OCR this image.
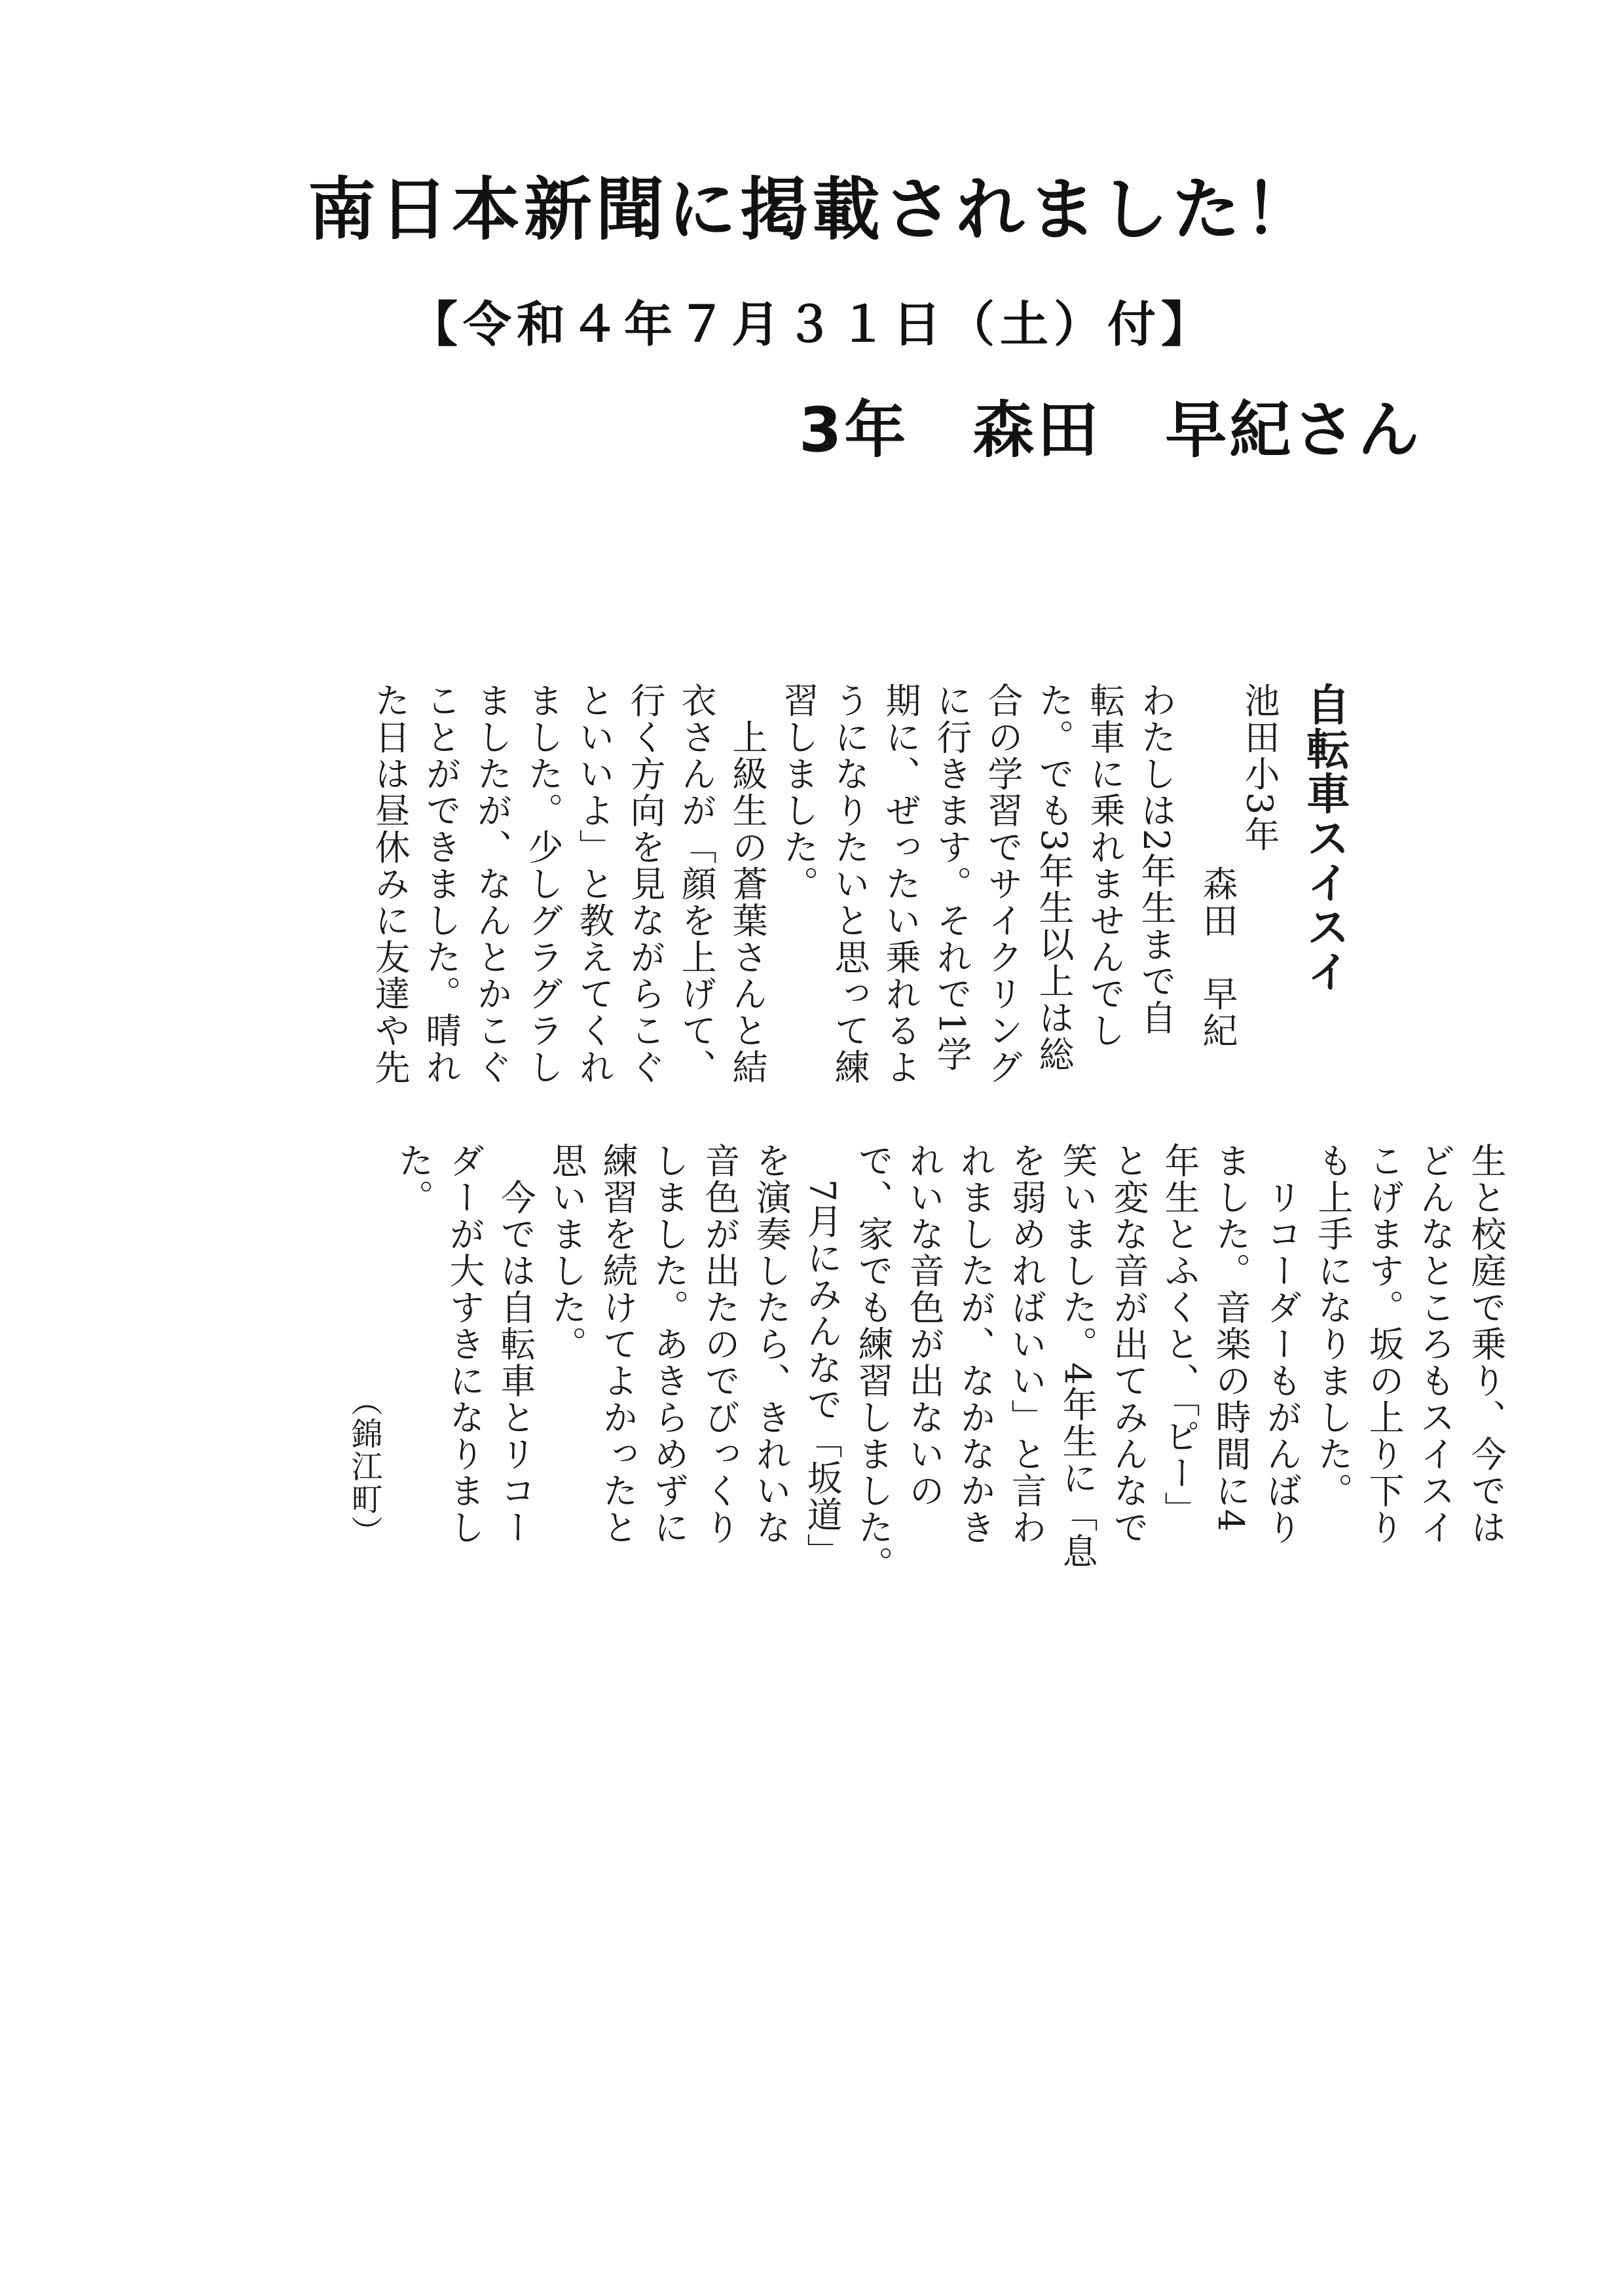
南日本新聞に掲載されました！
【令和４年７月３１日（土）付】
3年　森田　早紀さん
自転車スイスイ
池田小3年
森田　早紀
わたしは2年生まで自
転車に乗れませんでし
た。でも3年生以上は総
合の学習でサイクリング
に行きます。それで1学
期に、ぜったい乗れるよ
うになりたいと思って練
習しました。
　上級生の蒼葉さんと結
衣さんが「顔を上げて、
行く方向を見ながらこぐ
といいよ」と教えてくれ
ました。少しグラグラし
ましたが、なんとかこぐ
ことができました。晴れ
た日は昼休みに友達や先
生と校庭で乗り、今では
どんなところもスイスイ
こげます。坂の上り下り
も上手になりました。
　リコーダーもがんばり
ました。音楽の時間に4
年生とふくと、「ピー」
と変な音が出てみんなで
笑いました。4年生に「息
を弱めればいい」と言わ
れましたが、なかなかき
れいな音色が出ないの
で、家でも練習しました。
　7月にみんなで「坂道」
を演奏したら、きれいな
音色が出たのでびっくり
しました。あきらめずに
練習を続けてよかったと
思いました。
　今では自転車とリコー
ダーが大すきになりまし
た。
（錦江町）
